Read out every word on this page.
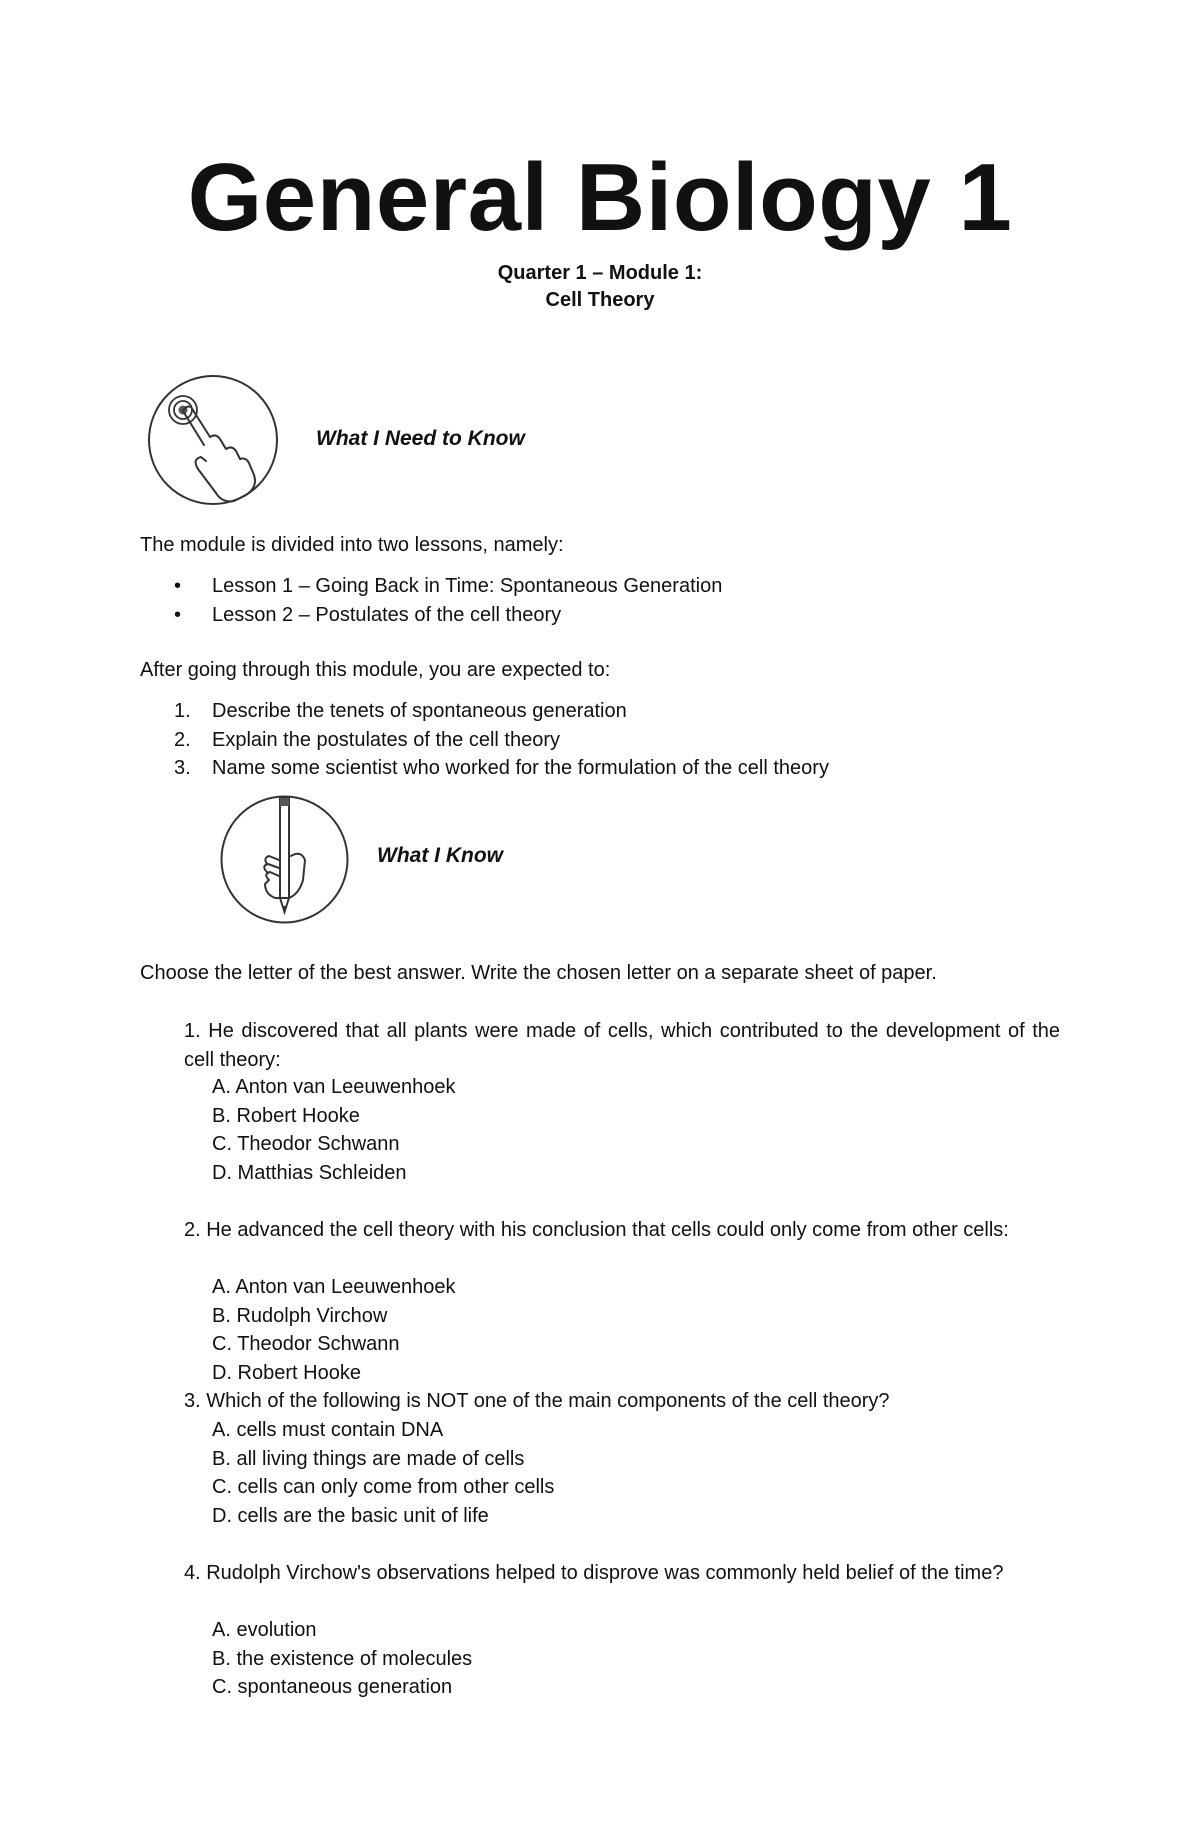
General Biology 1
Quarter 1 – Module 1:
Cell Theory
What I Need to Know
The module is divided into two lessons, namely:
• Lesson 1 – Going Back in Time: Spontaneous Generation
• Lesson 2 – Postulates of the cell theory
After going through this module, you are expected to:
1. Describe the tenets of spontaneous generation
2. Explain the postulates of the cell theory
3. Name some scientist who worked for the formulation of the cell theory
What I Know
Choose the letter of the best answer. Write the chosen letter on a separate sheet of paper.
1. He discovered that all plants were made of cells, which contributed to the development of the cell theory:
A. Anton van Leeuwenhoek
B. Robert Hooke
C. Theodor Schwann
D. Matthias Schleiden
2. He advanced the cell theory with his conclusion that cells could only come from other cells:
A. Anton van Leeuwenhoek
B. Rudolph Virchow
C. Theodor Schwann
D. Robert Hooke
3. Which of the following is NOT one of the main components of the cell theory?
A. cells must contain DNA
B. all living things are made of cells
C. cells can only come from other cells
D. cells are the basic unit of life
4. Rudolph Virchow's observations helped to disprove was commonly held belief of the time?
A. evolution
B. the existence of molecules
C. spontaneous generation
